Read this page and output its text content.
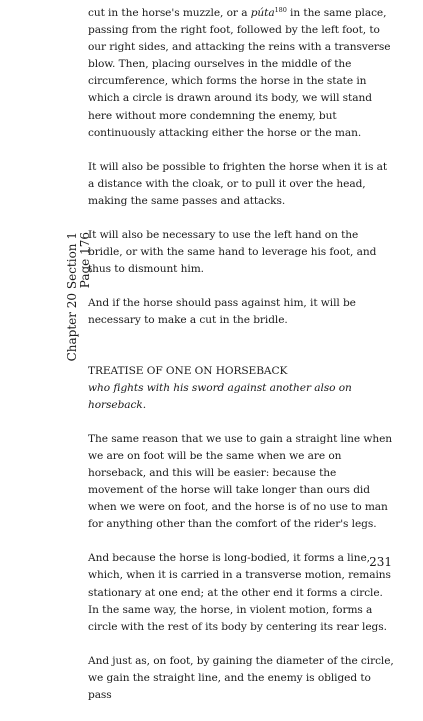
cut in the horse's muzzle, or a púta$^{180}$ in the same place, passing from the right foot, followed by the left foot, to our right sides, and attacking the reins with a transverse blow. Then, placing ourselves in the middle of the circumference, which forms the horse in the state in which a circle is drawn around its body, we will stand here without more condemning the enemy, but continuously attacking either the horse or the man.

It will also be possible to frighten the horse when it is at a distance with the cloak, or to pull it over the head, making the same passes and attacks.

It will also be necessary to use the left hand on the bridle, or with the same hand to leverage his foot, and thus to dismount him.

And if the horse should pass against him, it will be necessary to make a cut in the bridle.

TREATISE OF ONE ON HORSEBACK
who fights with his sword against another also on horseback.

The same reason that we use to gain a straight line when we are on foot will be the same when we are on horseback, and this will be easier: because the movement of the horse will take longer than ours did when we were on foot, and the horse is of no use to man for anything other than the comfort of the rider's legs.

And because the horse is long-bodied, it forms a line, which, when it is carried in a transverse motion, remains stationary at one end; at the other end it forms a circle. In the same way, the horse, in violent motion, forms a circle with the rest of its body by centering its rear legs.

And just as, on foot, by gaining the diameter of the circle, we gain the straight line, and the enemy is obliged to pass

Chapter 20 Section 1 Page 176
231
